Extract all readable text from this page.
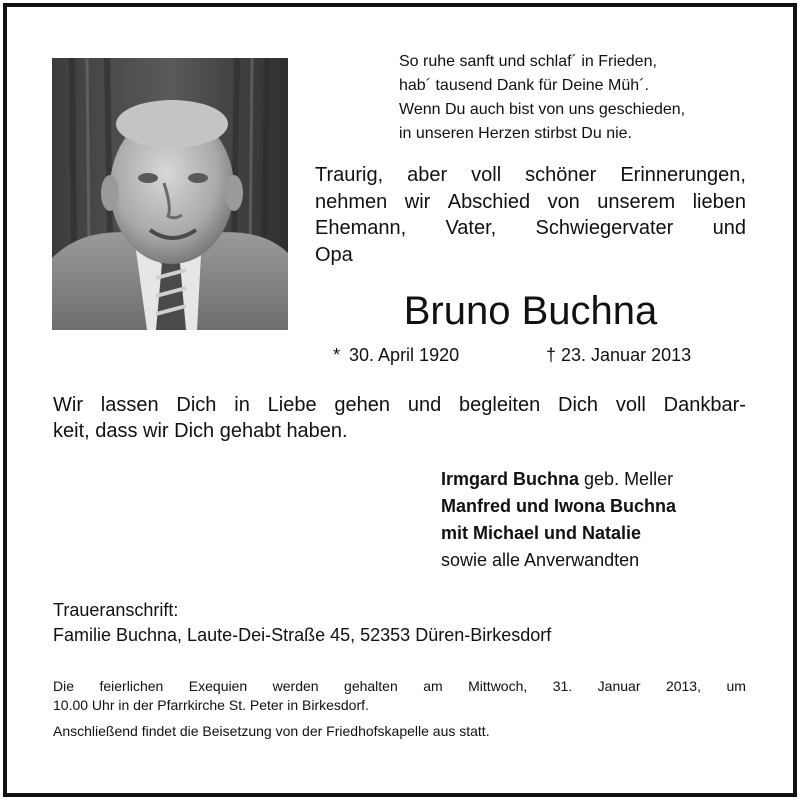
So ruhe sanft und schlaf´ in Frieden,
hab´ tausend Dank für Deine Müh´.
Wenn Du auch bist von uns geschieden,
in unseren Herzen stirbst Du nie.
Traurig, aber voll schöner Erinnerungen,
nehmen wir Abschied von unserem lieben
Ehemann, Vater, Schwiegervater und
Opa
Bruno Buchna
* 30. April 1920	† 23. Januar 2013
Wir lassen Dich in Liebe gehen und begleiten Dich voll Dankbar-
keit, dass wir Dich gehabt haben.
Irmgard Buchna geb. Meller
Manfred und Iwona Buchna
mit Michael und Natalie
sowie alle Anverwandten
Traueranschrift:
Familie Buchna, Laute-Dei-Straße 45, 52353 Düren-Birkesdorf
Die feierlichen Exequien werden gehalten am Mittwoch, 31. Januar 2013, um
10.00 Uhr in der Pfarrkirche St. Peter in Birkesdorf.
Anschließend findet die Beisetzung von der Friedhofskapelle aus statt.
